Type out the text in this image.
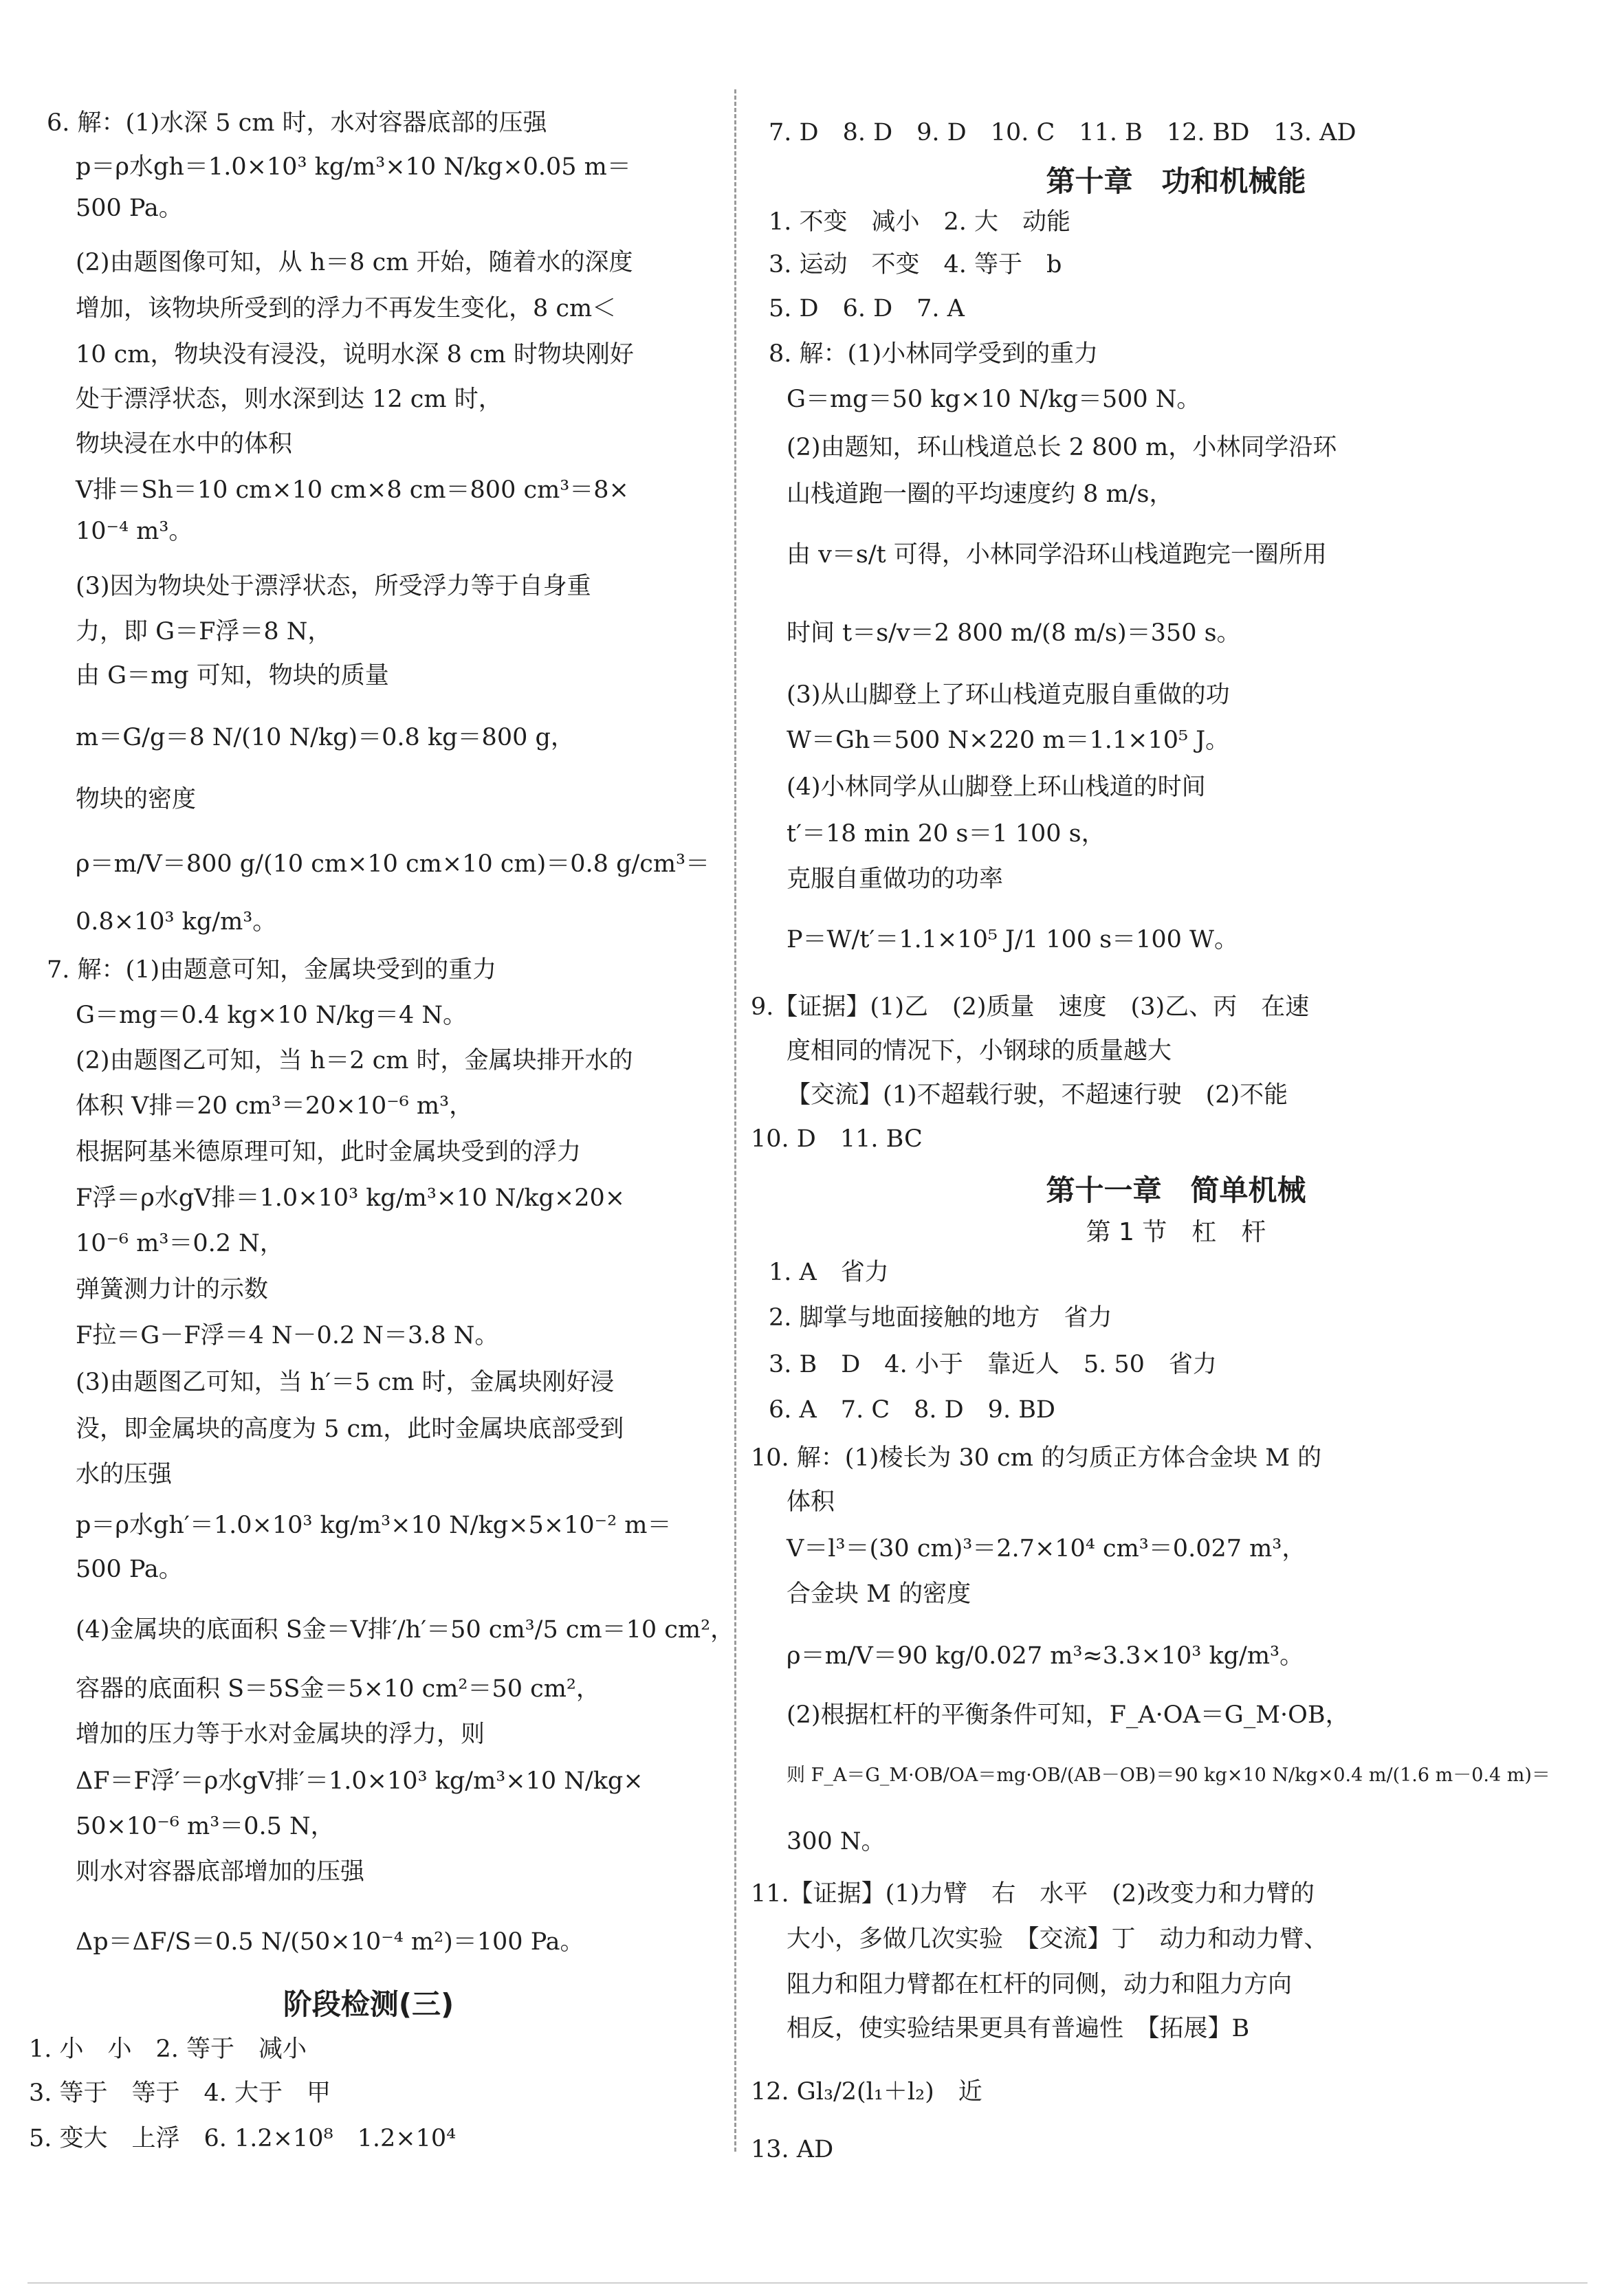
6. 解：(1)水深 5 cm 时，水对容器底部的压强
p＝ρ水gh＝1.0×10³ kg/m³×10 N/kg×0.05 m＝
500 Pa。
(2)由题图像可知，从 h＝8 cm 开始，随着水的深度
增加，该物块所受到的浮力不再发生变化，8 cm＜
10 cm，物块没有浸没，说明水深 8 cm 时物块刚好
处于漂浮状态，则水深到达 12 cm 时，
物块浸在水中的体积
V排＝Sh＝10 cm×10 cm×8 cm＝800 cm³＝8×
10⁻⁴ m³。
(3)因为物块处于漂浮状态，所受浮力等于自身重
力，即 G＝F浮＝8 N，
由 G＝mg 可知，物块的质量
m＝G/g＝8 N/(10 N/kg)＝0.8 kg＝800 g，
物块的密度
ρ＝m/V＝800 g/(10 cm×10 cm×10 cm)＝0.8 g/cm³＝
0.8×10³ kg/m³。
7. 解：(1)由题意可知，金属块受到的重力
G＝mg＝0.4 kg×10 N/kg＝4 N。
(2)由题图乙可知，当 h＝2 cm 时，金属块排开水的
体积 V排＝20 cm³＝20×10⁻⁶ m³，
根据阿基米德原理可知，此时金属块受到的浮力
F浮＝ρ水gV排＝1.0×10³ kg/m³×10 N/kg×20×
10⁻⁶ m³＝0.2 N，
弹簧测力计的示数
F拉＝G－F浮＝4 N－0.2 N＝3.8 N。
(3)由题图乙可知，当 h′＝5 cm 时，金属块刚好浸
没，即金属块的高度为 5 cm，此时金属块底部受到
水的压强
p＝ρ水gh′＝1.0×10³ kg/m³×10 N/kg×5×10⁻² m＝
500 Pa。
(4)金属块的底面积 S金＝V排′/h′＝50 cm³/5 cm＝10 cm²，
容器的底面积 S＝5S金＝5×10 cm²＝50 cm²，
增加的压力等于水对金属块的浮力，则
ΔF＝F浮′＝ρ水gV排′＝1.0×10³ kg/m³×10 N/kg×
50×10⁻⁶ m³＝0.5 N，
则水对容器底部增加的压强
Δp＝ΔF/S＝0.5 N/(50×10⁻⁴ m²)＝100 Pa。
阶段检测(三)
1. 小　小　2. 等于　减小
3. 等于　等于　4. 大于　甲
5. 变大　上浮　6. 1.2×10⁸　1.2×10⁴
7. D　8. D　9. D　10. C　11. B　12. BD　13. AD
第十章　功和机械能
1. 不变　减小　2. 大　动能
3. 运动　不变　4. 等于　b
5. D　6. D　7. A
8. 解：(1)小林同学受到的重力
G＝mg＝50 kg×10 N/kg＝500 N。
(2)由题知，环山栈道总长 2 800 m，小林同学沿环
山栈道跑一圈的平均速度约 8 m/s，
由 v＝s/t 可得，小林同学沿环山栈道跑完一圈所用
时间 t＝s/v＝2 800 m/(8 m/s)＝350 s。
(3)从山脚登上了环山栈道克服自重做的功
W＝Gh＝500 N×220 m＝1.1×10⁵ J。
(4)小林同学从山脚登上环山栈道的时间
t′＝18 min 20 s＝1 100 s，
克服自重做功的功率
P＝W/t′＝1.1×10⁵ J/1 100 s＝100 W。
9.【证据】(1)乙　(2)质量　速度　(3)乙、丙　在速
度相同的情况下，小钢球的质量越大
【交流】(1)不超载行驶，不超速行驶　(2)不能
10. D　11. BC
第十一章　简单机械
第 1 节　杠　杆
1. A　省力
2. 脚掌与地面接触的地方　省力
3. B　D　4. 小于　靠近人　5. 50　省力
6. A　7. C　8. D　9. BD
10. 解：(1)棱长为 30 cm 的匀质正方体合金块 M 的
体积
V＝l³＝(30 cm)³＝2.7×10⁴ cm³＝0.027 m³，
合金块 M 的密度
ρ＝m/V＝90 kg/0.027 m³≈3.3×10³ kg/m³。
(2)根据杠杆的平衡条件可知，F_A·OA＝G_M·OB，
则 F_A＝G_M·OB/OA＝mg·OB/(AB－OB)＝90 kg×10 N/kg×0.4 m/(1.6 m－0.4 m)＝
300 N。
11.【证据】(1)力臂　右　水平　(2)改变力和力臂的
大小，多做几次实验　【交流】丁　动力和动力臂、
阻力和阻力臂都在杠杆的同侧，动力和阻力方向
相反，使实验结果更具有普遍性　【拓展】B
12. Gl₃/2(l₁＋l₂)　近
13. AD
